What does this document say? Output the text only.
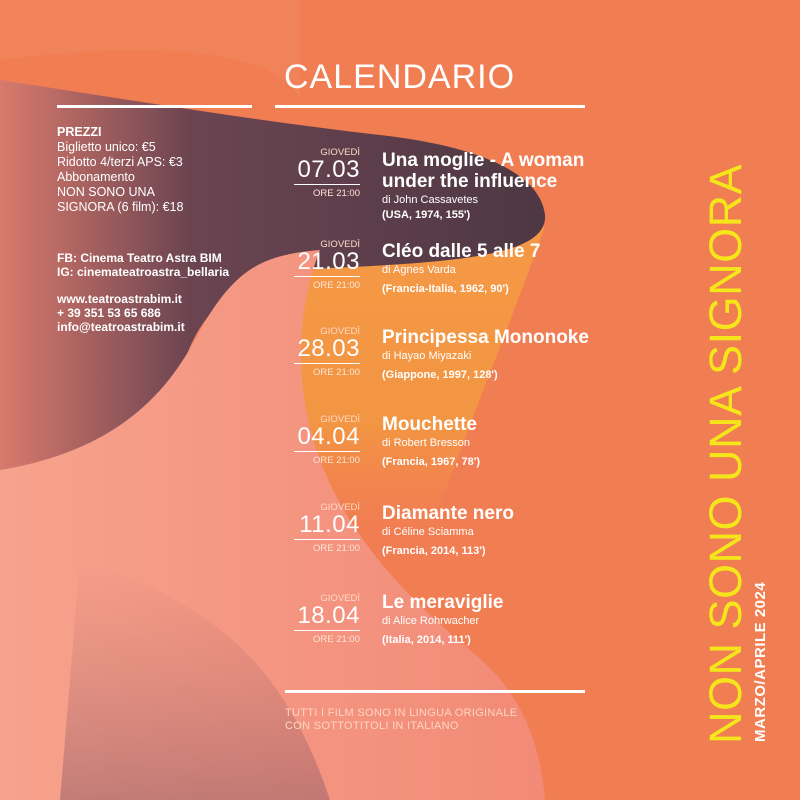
CALENDARIO
PREZZI
Biglietto unico: €5
Ridotto 4/terzi APS: €3
Abbonamento
NON SONO UNA
SIGNORA (6 film): €18
FB: Cinema Teatro Astra BIM
IG: cinemateatroastra_bellaria
www.teatroastrabim.it
+ 39 351 53 65 686
info@teatroastrabim.it
GIOVEDÌ
07.03
ORE 21:00
Una moglie - A woman
under the influence
di John Cassavetes
(USA, 1974, 155')
GIOVEDÌ
21.03
ORE 21:00
Cléo dalle 5 alle 7
di Agnes Varda
(Francia-Italia, 1962, 90')
GIOVEDÌ
28.03
ORE 21:00
Principessa Mononoke
di Hayao Miyazaki
(Giappone, 1997, 128')
GIOVEDÌ
04.04
ORE 21:00
Mouchette
di Robert Bresson
(Francia, 1967, 78')
GIOVEDÌ
11.04
ORE 21:00
Diamante nero
di Céline Sciamma
(Francia, 2014, 113')
GIOVEDÌ
18.04
ORE 21:00
Le meraviglie
di Alice Rohrwacher
(Italia, 2014, 111')
TUTTI I FILM SONO IN LINGUA ORIGINALE
CON SOTTOTITOLI IN ITALIANO	NON SONO UNA SIGNORA MARZO/APRILE 2024
